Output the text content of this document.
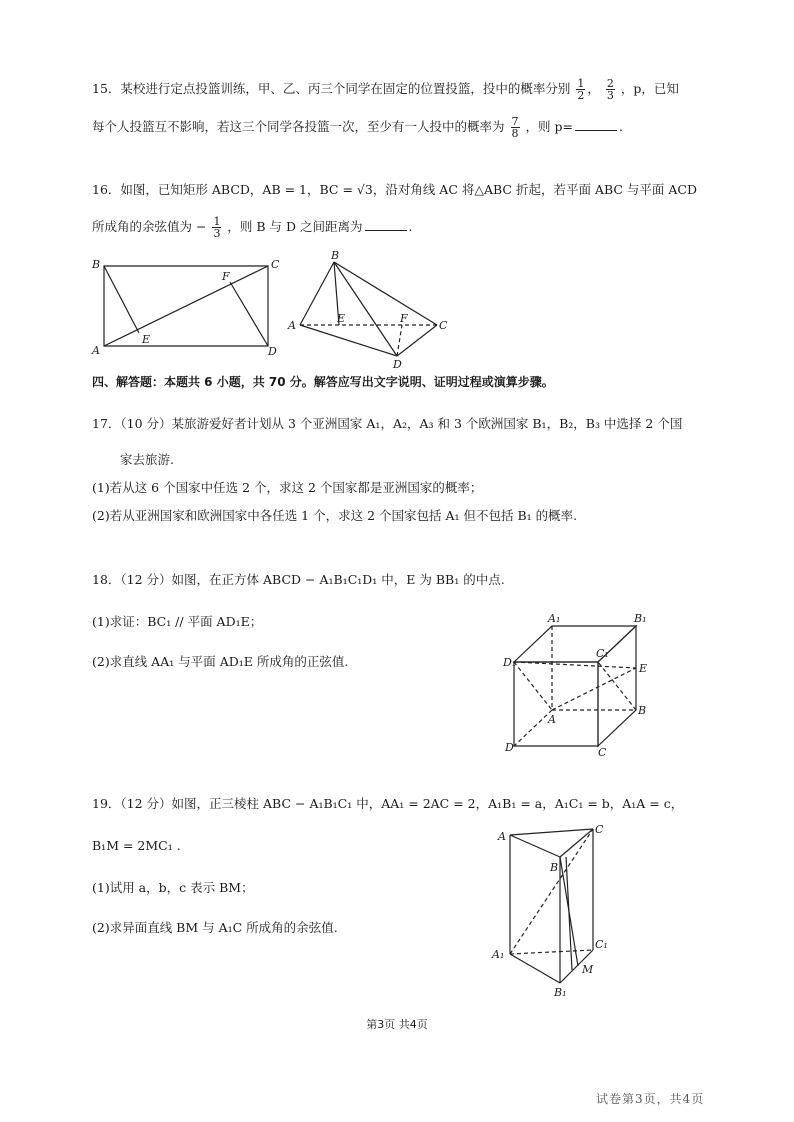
15．某校进行定点投篮训练，甲、乙、丙三个同学在固定的位置投篮，投中的概率分别 $\frac{1}{2}$ ， $\frac{2}{3}$ ，p，已知
每个人投篮互不影响，若这三个同学各投篮一次，至少有一人投中的概率为 $\frac{7}{8}$ ，则 p=	.
16．如图，已知矩形 ABCD，AB = 1，BC = √3，沿对角线 AC 将△ABC 折起，若平面 ABC 与平面 ACD
所成角的余弦值为 − $\frac{1}{3}$ ，则 B 与 D 之间距离为	.
B	C
A	D
E
F
B
A	C
D
E	F
A₁	B₁
C₁
D₁	E
A
B
C
D
A
B
C
A₁
B₁
C₁
M
四、解答题：本题共 6 小题，共 70 分。解答应写出文字说明、证明过程或演算步骤。
17．（10 分）某旅游爱好者计划从 3 个亚洲国家 A₁，A₂，A₃ 和 3 个欧洲国家 B₁，B₂，B₃ 中选择 2 个国
家去旅游.
(1)若从这 6 个国家中任选 2 个，求这 2 个国家都是亚洲国家的概率；
(2)若从亚洲国家和欧洲国家中各任选 1 个，求这 2 个国家包括 A₁ 但不包括 B₁ 的概率.
18．（12 分）如图，在正方体 ABCD − A₁B₁C₁D₁ 中，E 为 BB₁ 的中点.
(1)求证：BC₁ // 平面 AD₁E；
(2)求直线 AA₁ 与平面 AD₁E 所成角的正弦值.
19．（12 分）如图，正三棱柱 ABC − A₁B₁C₁ 中，AA₁ = 2AC = 2，A₁B₁ = a，A₁C₁ = b，A₁A = c，
B₁M = 2MC₁ .
(1)试用 a，b，c 表示 BM；
(2)求异面直线 BM 与 A₁C 所成角的余弦值.
第3页 共4页
试卷第3页，共4页
